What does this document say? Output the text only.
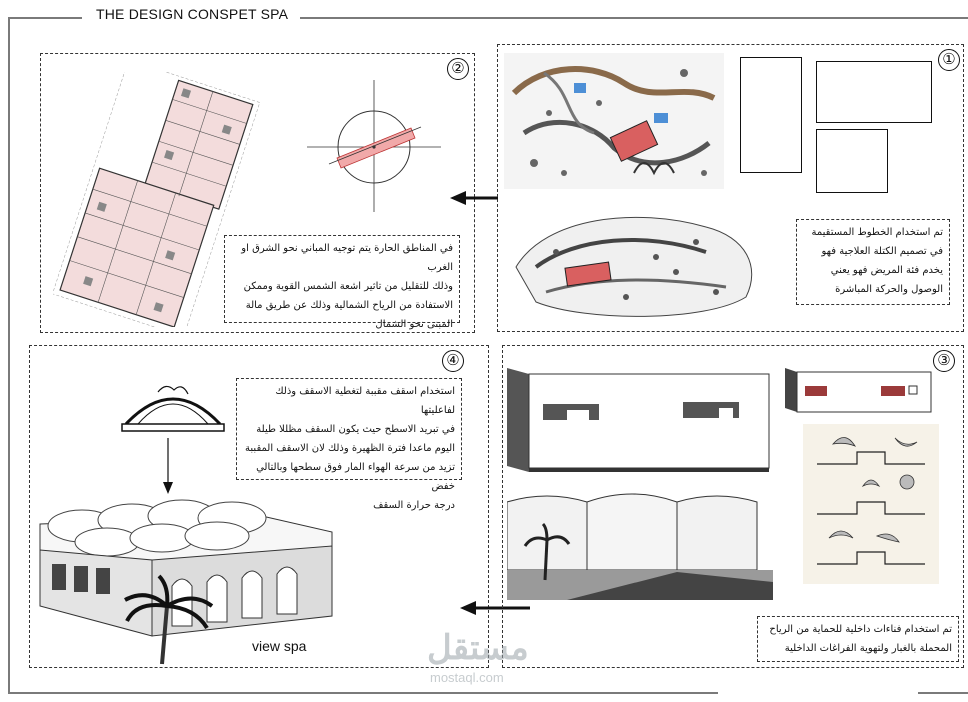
THE DESIGN CONSPET SPA
②
في المناطق الحارة يتم توجيه المباني نحو الشرق او الغرب
وذلك للتقليل من تاثير اشعة الشمس القوية وممكن
الاستفادة من الرياح الشمالية وذلك عن طريق مالة
المبنى نحو الشمال
①
تم استخدام الخطوط المستقيمة
في تصميم الكتلة العلاجية فهو
يخدم فئة المريض فهو يعني
الوصول والحركة المباشرة
view spa
④
استخدام اسقف مقببة لتغطية الاسقف وذلك لفاعليتها
في تبريد الاسطح حيث يكون السقف مظللا طيلة
اليوم ماعدا فترة الظهيرة وذلك لان الاسقف المقببة
تزيد من سرعة الهواء المار فوق سطحها وبالتالي خفض
درجة حرارة السقف
③
تم استخدام فناءات داخلية للحماية من الرياح
المحملة بالغبار ولتهوية الفراغات الداخلية
مستقل
mostaql.com
